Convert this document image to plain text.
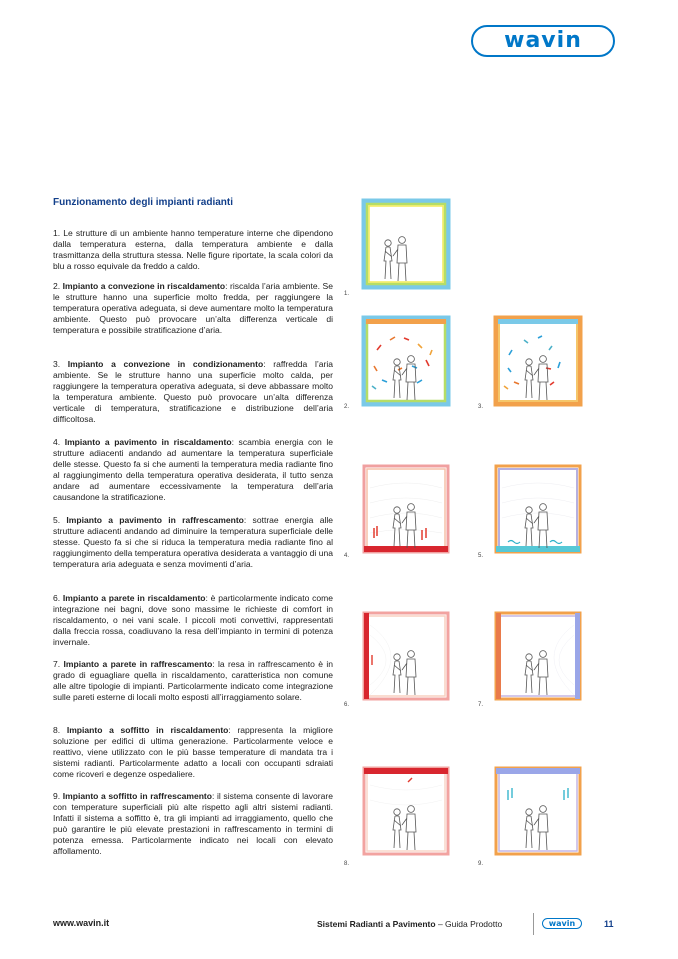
wavin
Funzionamento degli impianti radianti

1. Le strutture di un ambiente hanno temperature interne che dipendono dalla temperatura esterna, dalla temperatura ambiente e dalla trasmittanza della struttura stessa. Nelle figure riportate, la scala colori da blu a rosso equivale da freddo a caldo.

2. Impianto a convezione in riscaldamento: riscalda l’aria ambiente. Se le strutture hanno una superficie molto fredda, per raggiungere la temperatura operativa adeguata, si deve aumentare molto la temperatura ambiente. Questo può provocare un’alta differenza verticale di temperatura e possibile stratificazione d’aria.

3. Impianto a convezione in condizionamento: raffredda l’aria ambiente. Se le strutture hanno una superficie molto calda, per raggiungere la temperatura operativa adeguata, si deve abbassare molto la temperatura ambiente. Questo può provocare un’alta differenza verticale di temperatura, stratificazione e distribuzione dell’aria difficoltosa.

4. Impianto a pavimento in riscaldamento: scambia energia con le strutture adiacenti andando ad aumentare la temperatura superficiale delle stesse. Questo fa si che aumenti la temperatura media radiante fino al raggiungimento della temperatura operativa desiderata, il tutto senza andare ad aumentare eccessivamente la temperatura dell’aria causandone la stratificazione.

5. Impianto a pavimento in raffrescamento: sottrae energia alle strutture adiacenti andando ad diminuire la temperatura superficiale delle stesse. Questo fa si che si riduca la temperatura media radiante fino al raggiungimento della temperatura operativa desiderata a vantaggio di una temperatura aria adeguata e senza movimenti d’aria.

6. Impianto a parete in riscaldamento: è particolarmente indicato come integrazione nei bagni, dove sono massime le richieste di comfort in riscaldamento, o nei vani scale. I piccoli moti convettivi, rappresentati dalla freccia rossa, coadiuvano la resa dell’impianto in termini di potenza invernale.

7. Impianto a parete in raffrescamento: la resa in raffrescamento è in grado di eguagliare quella in riscaldamento, caratteristica non comune alle altre tipologie di impianti. Particolarmente indicato come integrazione sulle pareti esterne di locali molto esposti all’irraggiamento solare.

8. Impianto a soffitto in riscaldamento: rappresenta la migliore soluzione per edifici di ultima generazione. Particolarmente veloce e reattivo, viene utilizzato con le più basse temperature di mandata tra i sistemi radianti. Particolarmente adatto a locali con occupanti sdraiati come ricoveri e degenze ospedaliere.

9. Impianto a soffitto in raffrescamento: il sistema consente di lavorare con temperature superficiali più alte rispetto agli altri sistemi radianti. Infatti il sistema a soffitto è, tra gli impianti ad irraggiamento, quello che può garantire le più elevate prestazioni in raffrescamento in termini di potenza emessa. Particolarmente indicato nei locali con elevato affollamento.

1.
2.	3.
4.	5.
6.	7.
8.	9.
www.wavin.it	Sistemi Radianti a Pavimento – Guida Prodotto	wavin	11
